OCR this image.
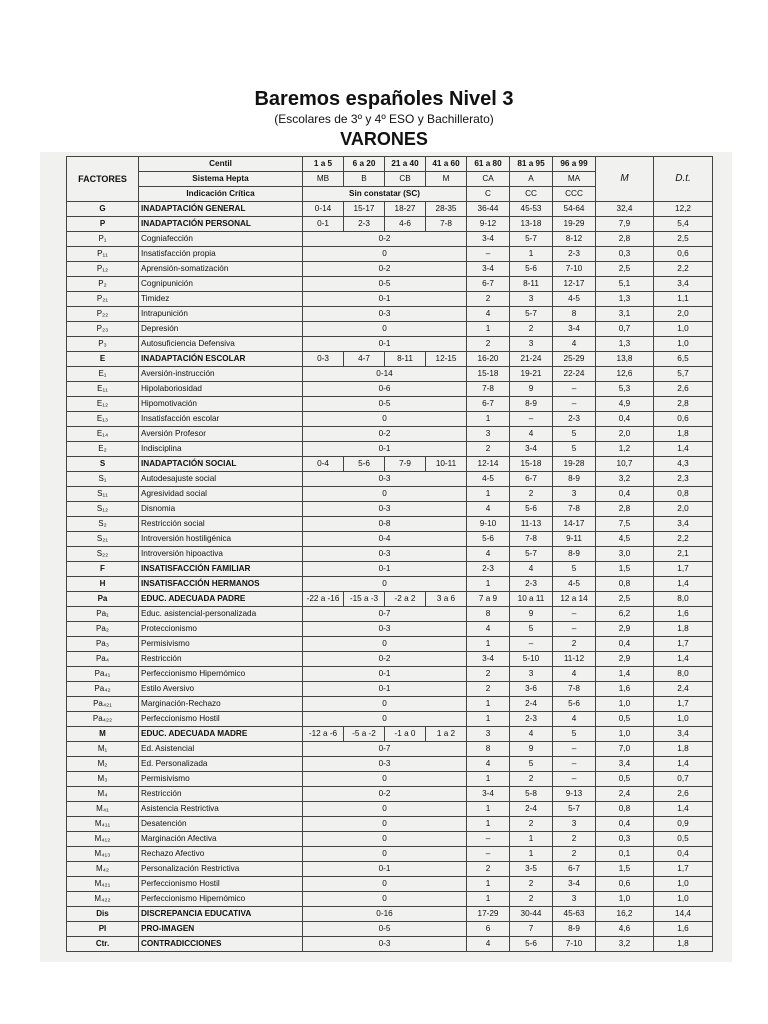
Baremos españoles Nivel 3
(Escolares de 3º y 4º ESO y Bachillerato)
VARONES
FACTORES	Centil	1 a 5	6 a 20	21 a 40	41 a 60	61 a 80	81 a 95	96 a 99	M	D.t.
	Sistema Hepta	MB	B	CB	M	CA	A	MA		
	Indicación Crítica	Sin constatar (SC)				C	CC	CCC		
G	INADAPTACIÓN GENERAL	0-14	15-17	18-27	28-35	36-44	45-53	54-64	32,4	12,2
P	INADAPTACIÓN PERSONAL	0-1	2-3	4-6	7-8	9-12	13-18	19-29	7,9	5,4
P₁	Cogniafección	0-2				3-4	5-7	8-12	2,8	2,5
P₁₁	Insatisfacción propia	0				–	1	2-3	0,3	0,6
P₁₂	Aprensión-somatización	0-2				3-4	5-6	7-10	2,5	2,2
P₂	Cognipunición	0-5				6-7	8-11	12-17	5,1	3,4
P₂₁	Timidez	0-1				2	3	4-5	1,3	1,1
P₂₂	Intrapunición	0-3				4	5-7	8	3,1	2,0
P₂₃	Depresión	0				1	2	3-4	0,7	1,0
P₃	Autosuficiencia Defensiva	0-1				2	3	4	1,3	1,0
E	INADAPTACIÓN ESCOLAR	0-3	4-7	8-11	12-15	16-20	21-24	25-29	13,8	6,5
E₁	Aversión-instrucción	0-14				15-18	19-21	22-24	12,6	5,7
E₁₁	Hipolaboriosidad	0-6				7-8	9	–	5,3	2,6
E₁₂	Hipomotivación	0-5				6-7	8-9	–	4,9	2,8
E₁₃	Insatisfacción escolar	0				1	–	2-3	0,4	0,6
E₁₄	Aversión Profesor	0-2				3	4	5	2,0	1,8
E₂	Indisciplina	0-1				2	3-4	5	1,2	1,4
S	INADAPTACIÓN SOCIAL	0-4	5-6	7-9	10-11	12-14	15-18	19-28	10,7	4,3
S₁	Autodesajuste social	0-3				4-5	6-7	8-9	3,2	2,3
S₁₁	Agresividad social	0				1	2	3	0,4	0,8
S₁₂	Disnomia	0-3				4	5-6	7-8	2,8	2,0
S₂	Restricción social	0-8				9-10	11-13	14-17	7,5	3,4
S₂₁	Introversión hostiligénica	0-4				5-6	7-8	9-11	4,5	2,2
S₂₂	Introversión hipoactiva	0-3				4	5-7	8-9	3,0	2,1
F	INSATISFACCIÓN FAMILIAR	0-1				2-3	4	5	1,5	1,7
H	INSATISFACCIÓN HERMANOS	0				1	2-3	4-5	0,8	1,4
Pa	EDUC. ADECUADA PADRE	-22 a -16	-15 a -3	-2 a 2	3 a 6	7 a 9	10 a 11	12 a 14	2,5	8,0
Pa₁	Educ. asistencial-personalizada	0-7				8	9	–	6,2	1,6
Pa₂	Proteccionismo	0-3				4	5	–	2,9	1,8
Pa₃	Permisivismo	0				1	–	2	0,4	1,7
Pa₄	Restricción	0-2				3-4	5-10	11-12	2,9	1,4
Pa₄₁	Perfeccionismo Hipernómico	0-1				2	3	4	1,4	8,0
Pa₄₂	Estilo Aversivo	0-1				2	3-6	7-8	1,6	2,4
Pa₄₂₁	Marginación-Rechazo	0				1	2-4	5-6	1,0	1,7
Pa₄₂₂	Perfeccionismo Hostil	0				1	2-3	4	0,5	1,0
M	EDUC. ADECUADA MADRE	-12 a -6	-5 a -2	-1 a 0	1 a 2	3	4	5	1,0	3,4
M₁	Ed. Asistencial	0-7				8	9	–	7,0	1,8
M₂	Ed. Personalizada	0-3				4	5	–	3,4	1,4
M₃	Permisivismo	0				1	2	–	0,5	0,7
M₄	Restricción	0-2				3-4	5-8	9-13	2,4	2,6
M₄₁	Asistencia Restrictiva	0				1	2-4	5-7	0,8	1,4
M₄₁₁	Desatención	0				1	2	3	0,4	0,9
M₄₁₂	Marginación Afectiva	0				–	1	2	0,3	0,5
M₄₁₃	Rechazo Afectivo	0				–	1	2	0,1	0,4
M₄₂	Personalización Restrictiva	0-1				2	3-5	6-7	1,5	1,7
M₄₂₁	Perfeccionismo Hostil	0				1	2	3-4	0,6	1,0
M₄₂₂	Perfeccionismo Hipernómico	0				1	2	3	1,0	1,0
Dis	DISCREPANCIA EDUCATIVA	0-16				17-29	30-44	45-63	16,2	14,4
PI	PRO-IMAGEN	0-5				6	7	8-9	4,6	1,6
Ctr.	CONTRADICCIONES	0-3				4	5-6	7-10	3,2	1,8
